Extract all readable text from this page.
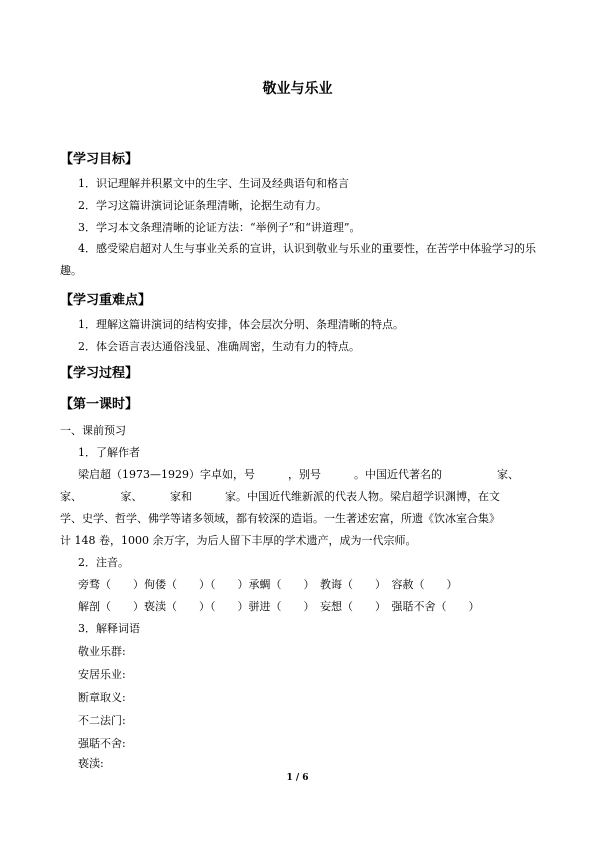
敬业与乐业
【学习目标】
1．识记理解并积累文中的生字、生词及经典语句和格言
2．学习这篇讲演词论证条理清晰，论据生动有力。
3．学习本文条理清晰的论证方法：“举例子”和“讲道理”。
4．感受梁启超对人生与事业关系的宣讲，认识到敬业与乐业的重要性，在苦学中体验学习的乐趣。
【学习重难点】
1．理解这篇讲演词的结构安排，体会层次分明、条理清晰的特点。
2．体会语言表达通俗浅显、准确周密，生动有力的特点。
【学习过程】
【第一课时】
一、课前预习
1．了解作者
梁启超（1973—1929）字卓如，号　　　，别号　　　。中国近代著名的　　　　　家、
家、　　　　家、　　　家和　　　家。中国近代维新派的代表人物。梁启超学识渊博，在文
学、史学、哲学、佛学等诸多领域，都有较深的造诣。一生著述宏富，所遗《饮冰室合集》
计 148 卷，1000 余万字，为后人留下丰厚的学术遗产，成为一代宗师。
2．注音。
旁骛（　　）佝偻（　　）（　　）承蜩（　　）　教诲（　　）　容赦（　　）
解剖（　　）亵渎（　　）（　　）骈进（　　）　妄想（　　）　强聒不舍（　　）
3．解释词语
敬业乐群:
安居乐业:
断章取义:
不二法门:
强聒不舍:
亵渎:
1 / 6
